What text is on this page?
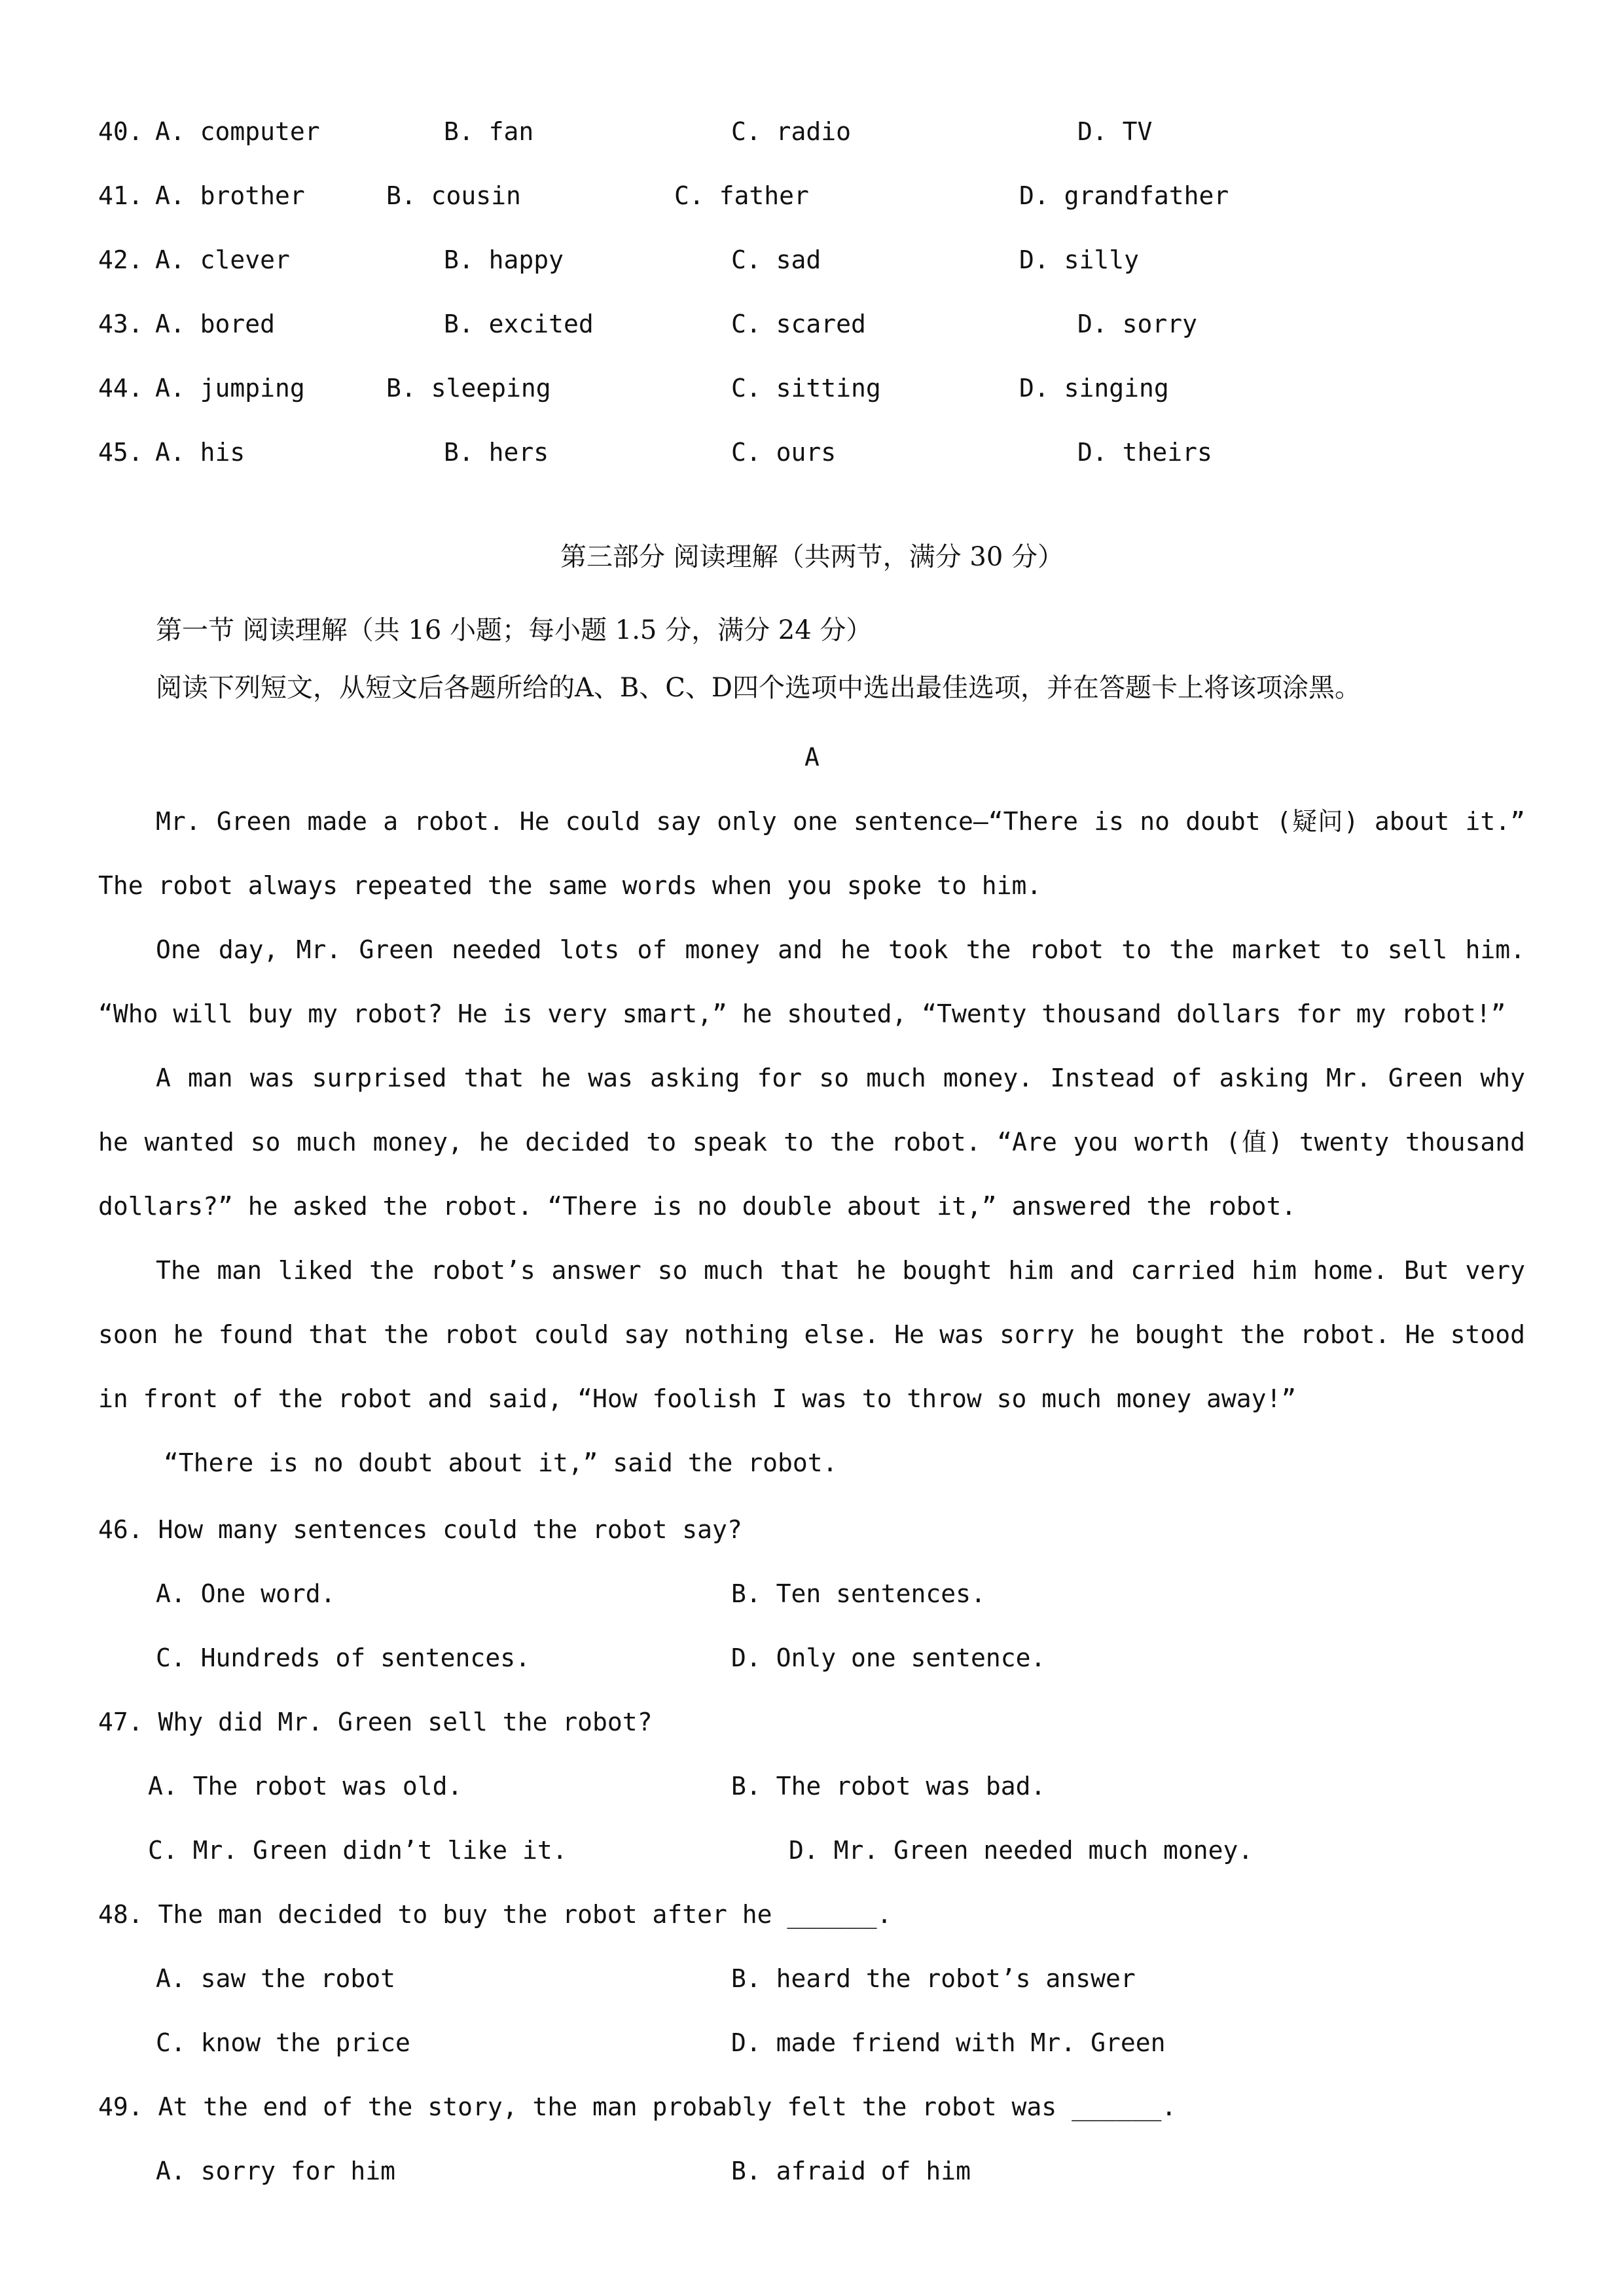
40. A. computer	B. fan	C. radio	D. TV
41. A. brother	B. cousin	C. father	D. grandfather
42. A. clever	B. happy	C. sad	D. silly
43. A. bored	B. excited	C. scared	D. sorry
44. A. jumping	B. sleeping	C. sitting	D. singing
45. A. his	B. hers	C. ours	D. theirs
第三部分 阅读理解（共两节，满分 30 分）
第一节 阅读理解（共 16 小题；每小题 1.5 分，满分 24 分）
阅读下列短文，从短文后各题所给的A、B、C、D四个选项中选出最佳选项，并在答题卡上将该项涂黑。
A
Mr. Green made a robot. He could say only one sentence—“There is no doubt (疑问) about it.” The robot always repeated the same words when you spoke to him.
One day, Mr. Green needed lots of money and he took the robot to the market to sell him. “Who will buy my robot? He is very smart,” he shouted, “Twenty thousand dollars for my robot!”
A man was surprised that he was asking for so much money. Instead of asking Mr. Green why he wanted so much money, he decided to speak to the robot. “Are you worth (值) twenty thousand dollars?” he asked the robot. “There is no double about it,” answered the robot.
The man liked the robot’s answer so much that he bought him and carried him home. But very soon he found that the robot could say nothing else. He was sorry he bought the robot. He stood in front of the robot and said, “How foolish I was to throw so much money away!”
“There is no doubt about it,” said the robot.
46. How many sentences could the robot say?
A. One word.	B. Ten sentences.
C. Hundreds of sentences.	D. Only one sentence.
47. Why did Mr. Green sell the robot?
A. The robot was old.	B. The robot was bad.
C. Mr. Green didn’t like it.	D. Mr. Green needed much money.
48. The man decided to buy the robot after he ______.
A. saw the robot	B. heard the robot’s answer
C. know the price	D. made friend with Mr. Green
49. At the end of the story, the man probably felt the robot was ______.
A. sorry for him	B. afraid of him
